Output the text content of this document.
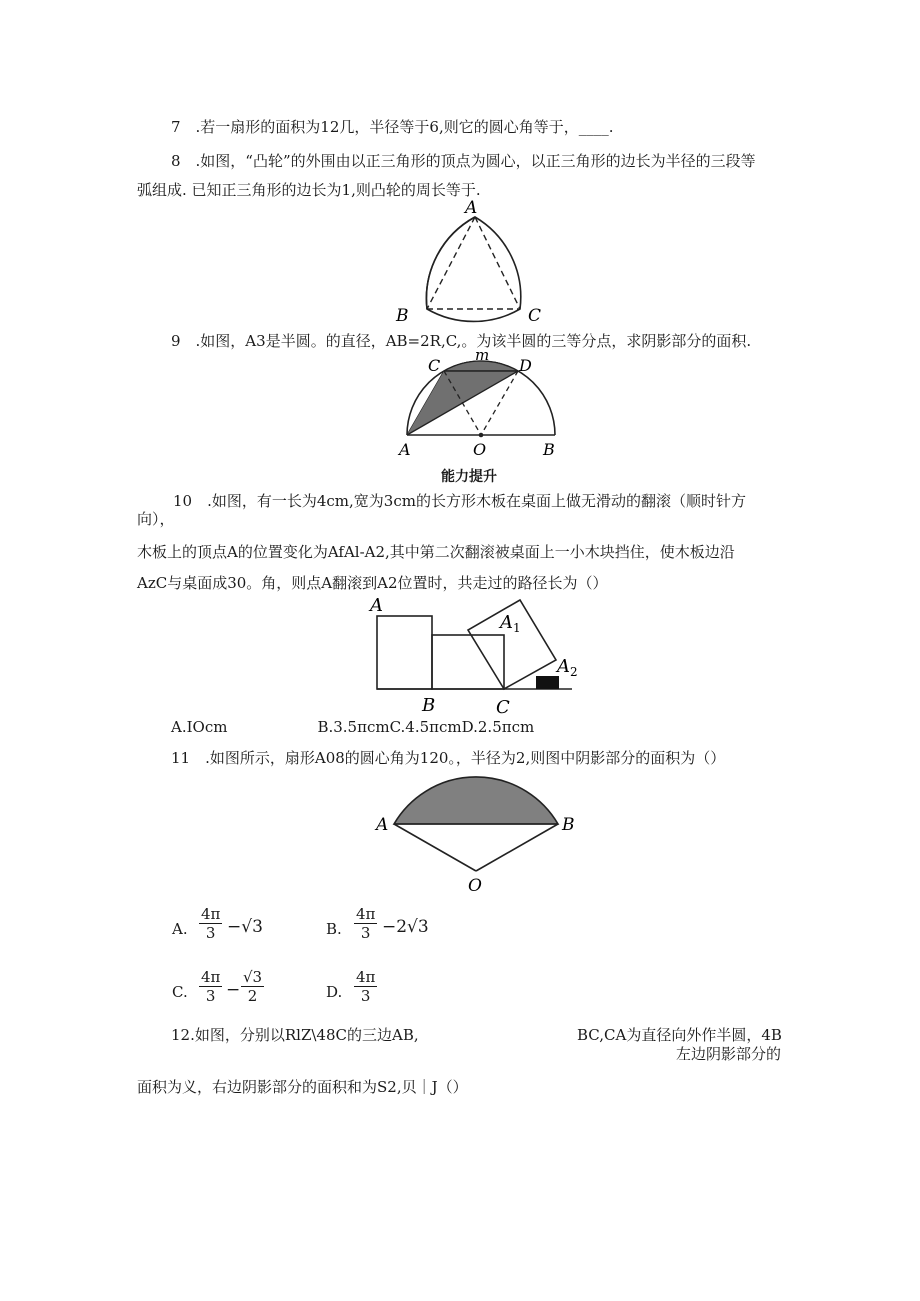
7　.若一扇形的面积为12几，半径等于6,则它的圆心角等于，____.
8　.如图，“凸轮”的外围由以正三角形的顶点为圆心，以正三角形的边长为半径的三段等
弧组成. 已知正三角形的边长为1,则凸轮的周长等于.
A
B	C
9　.如图，A3是半圆。的直径，AB=2R,C,。为该半圆的三等分点，求阴影部分的面积.
C
m
D
A	O	B
能力提升
10　.如图，有一长为4cm,宽为3cm的长方形木板在桌面上做无滑动的翻滚（顺时针方
向），
木板上的顶点A的位置变化为AfAl-A2,其中第二次翻滚被桌面上一小木块挡住，使木板边沿
AzC与桌面成30。角，则点A翻滚到A2位置时，共走过的路径长为（）
A
$A_1$
$A_2$
B	C
A.IOcm　　　　　　B.3.5πcmC.4.5πcmD.2.5πcm
11　.如图所示，扇形A08的圆心角为120。，半径为2,则图中阴影部分的面积为（）
A	B
O
A. $\frac{4\pi}{3} -√3$	B. $\frac{4\pi}{3} -2√3$
C. $\frac{4\pi}{3} - \frac{√3}{2}$	D. $\frac{4\pi}{3}$
12.如图，分别以RlZ\48C的三边AB,	BC,CA为直径向外作半圆，4B
左边阴影部分的
面积为义，右边阴影部分的面积和为S2,贝｜J（）
